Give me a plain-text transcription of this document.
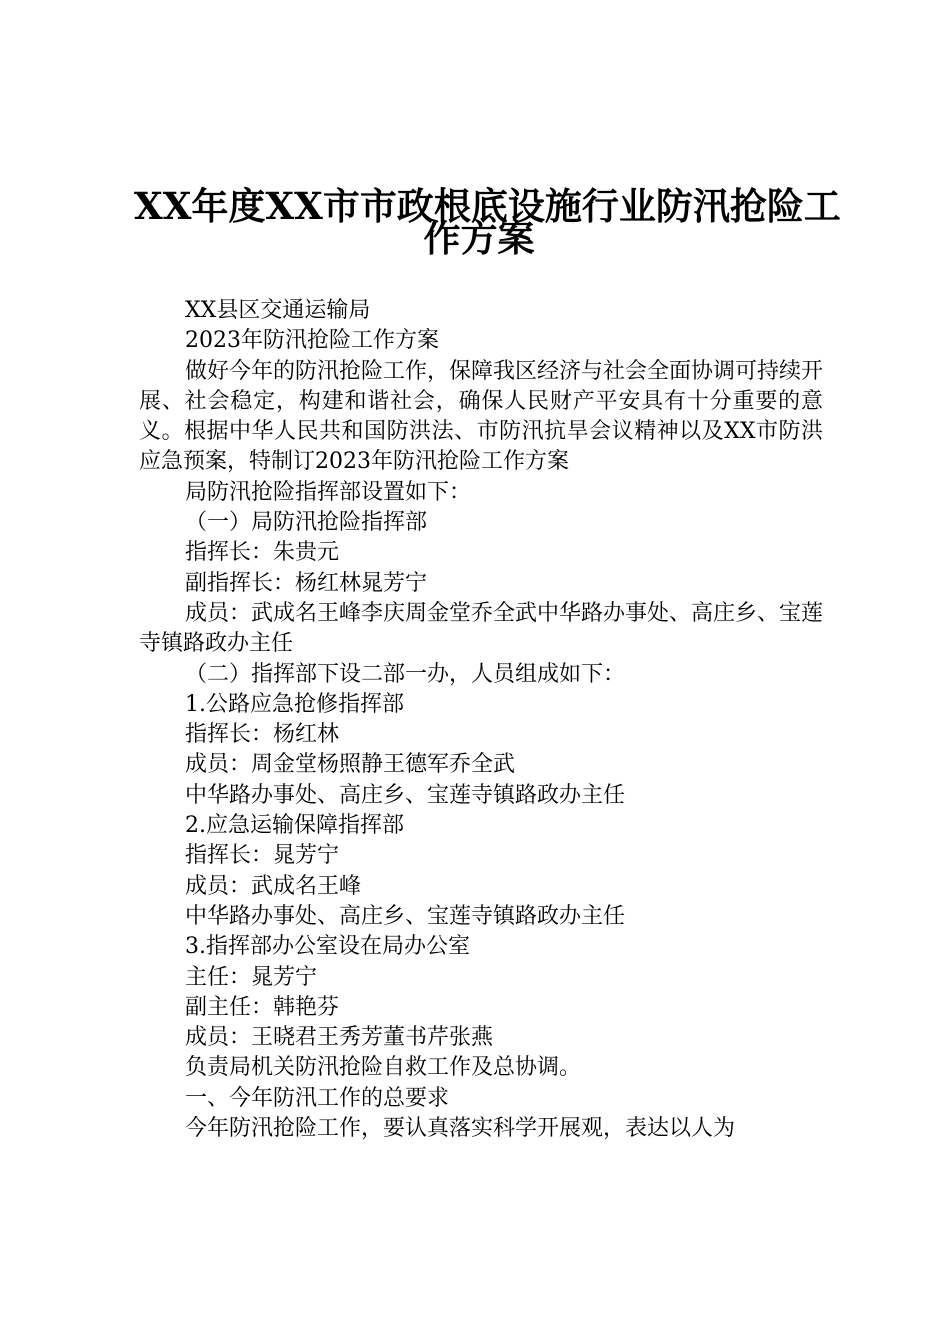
XX年度XX市市政根底设施行业防汛抢险工
作方案

XX县区交通运输局

2023年防汛抢险工作方案

做好今年的防汛抢险工作，保障我区经济与社会全面协调可持续开展、社会稳定，构建和谐社会，确保人民财产平安具有十分重要的意义。根据中华人民共和国防洪法、市防汛抗旱会议精神以及XX市防洪应急预案，特制订2023年防汛抢险工作方案

局防汛抢险指挥部设置如下：

（一）局防汛抢险指挥部

指挥长：朱贵元

副指挥长：杨红林晁芳宁

成员：武成名王峰李庆周金堂乔全武中华路办事处、高庄乡、宝莲寺镇路政办主任

（二）指挥部下设二部一办，人员组成如下：

1.公路应急抢修指挥部

指挥长：杨红林

成员：周金堂杨照静王德军乔全武

中华路办事处、高庄乡、宝莲寺镇路政办主任

2.应急运输保障指挥部

指挥长：晁芳宁

成员：武成名王峰

中华路办事处、高庄乡、宝莲寺镇路政办主任

3.指挥部办公室设在局办公室

主任：晁芳宁

副主任：韩艳芬

成员：王晓君王秀芳董书芹张燕

负责局机关防汛抢险自救工作及总协调。

一、今年防汛工作的总要求

今年防汛抢险工作，要认真落实科学开展观，表达以人为
